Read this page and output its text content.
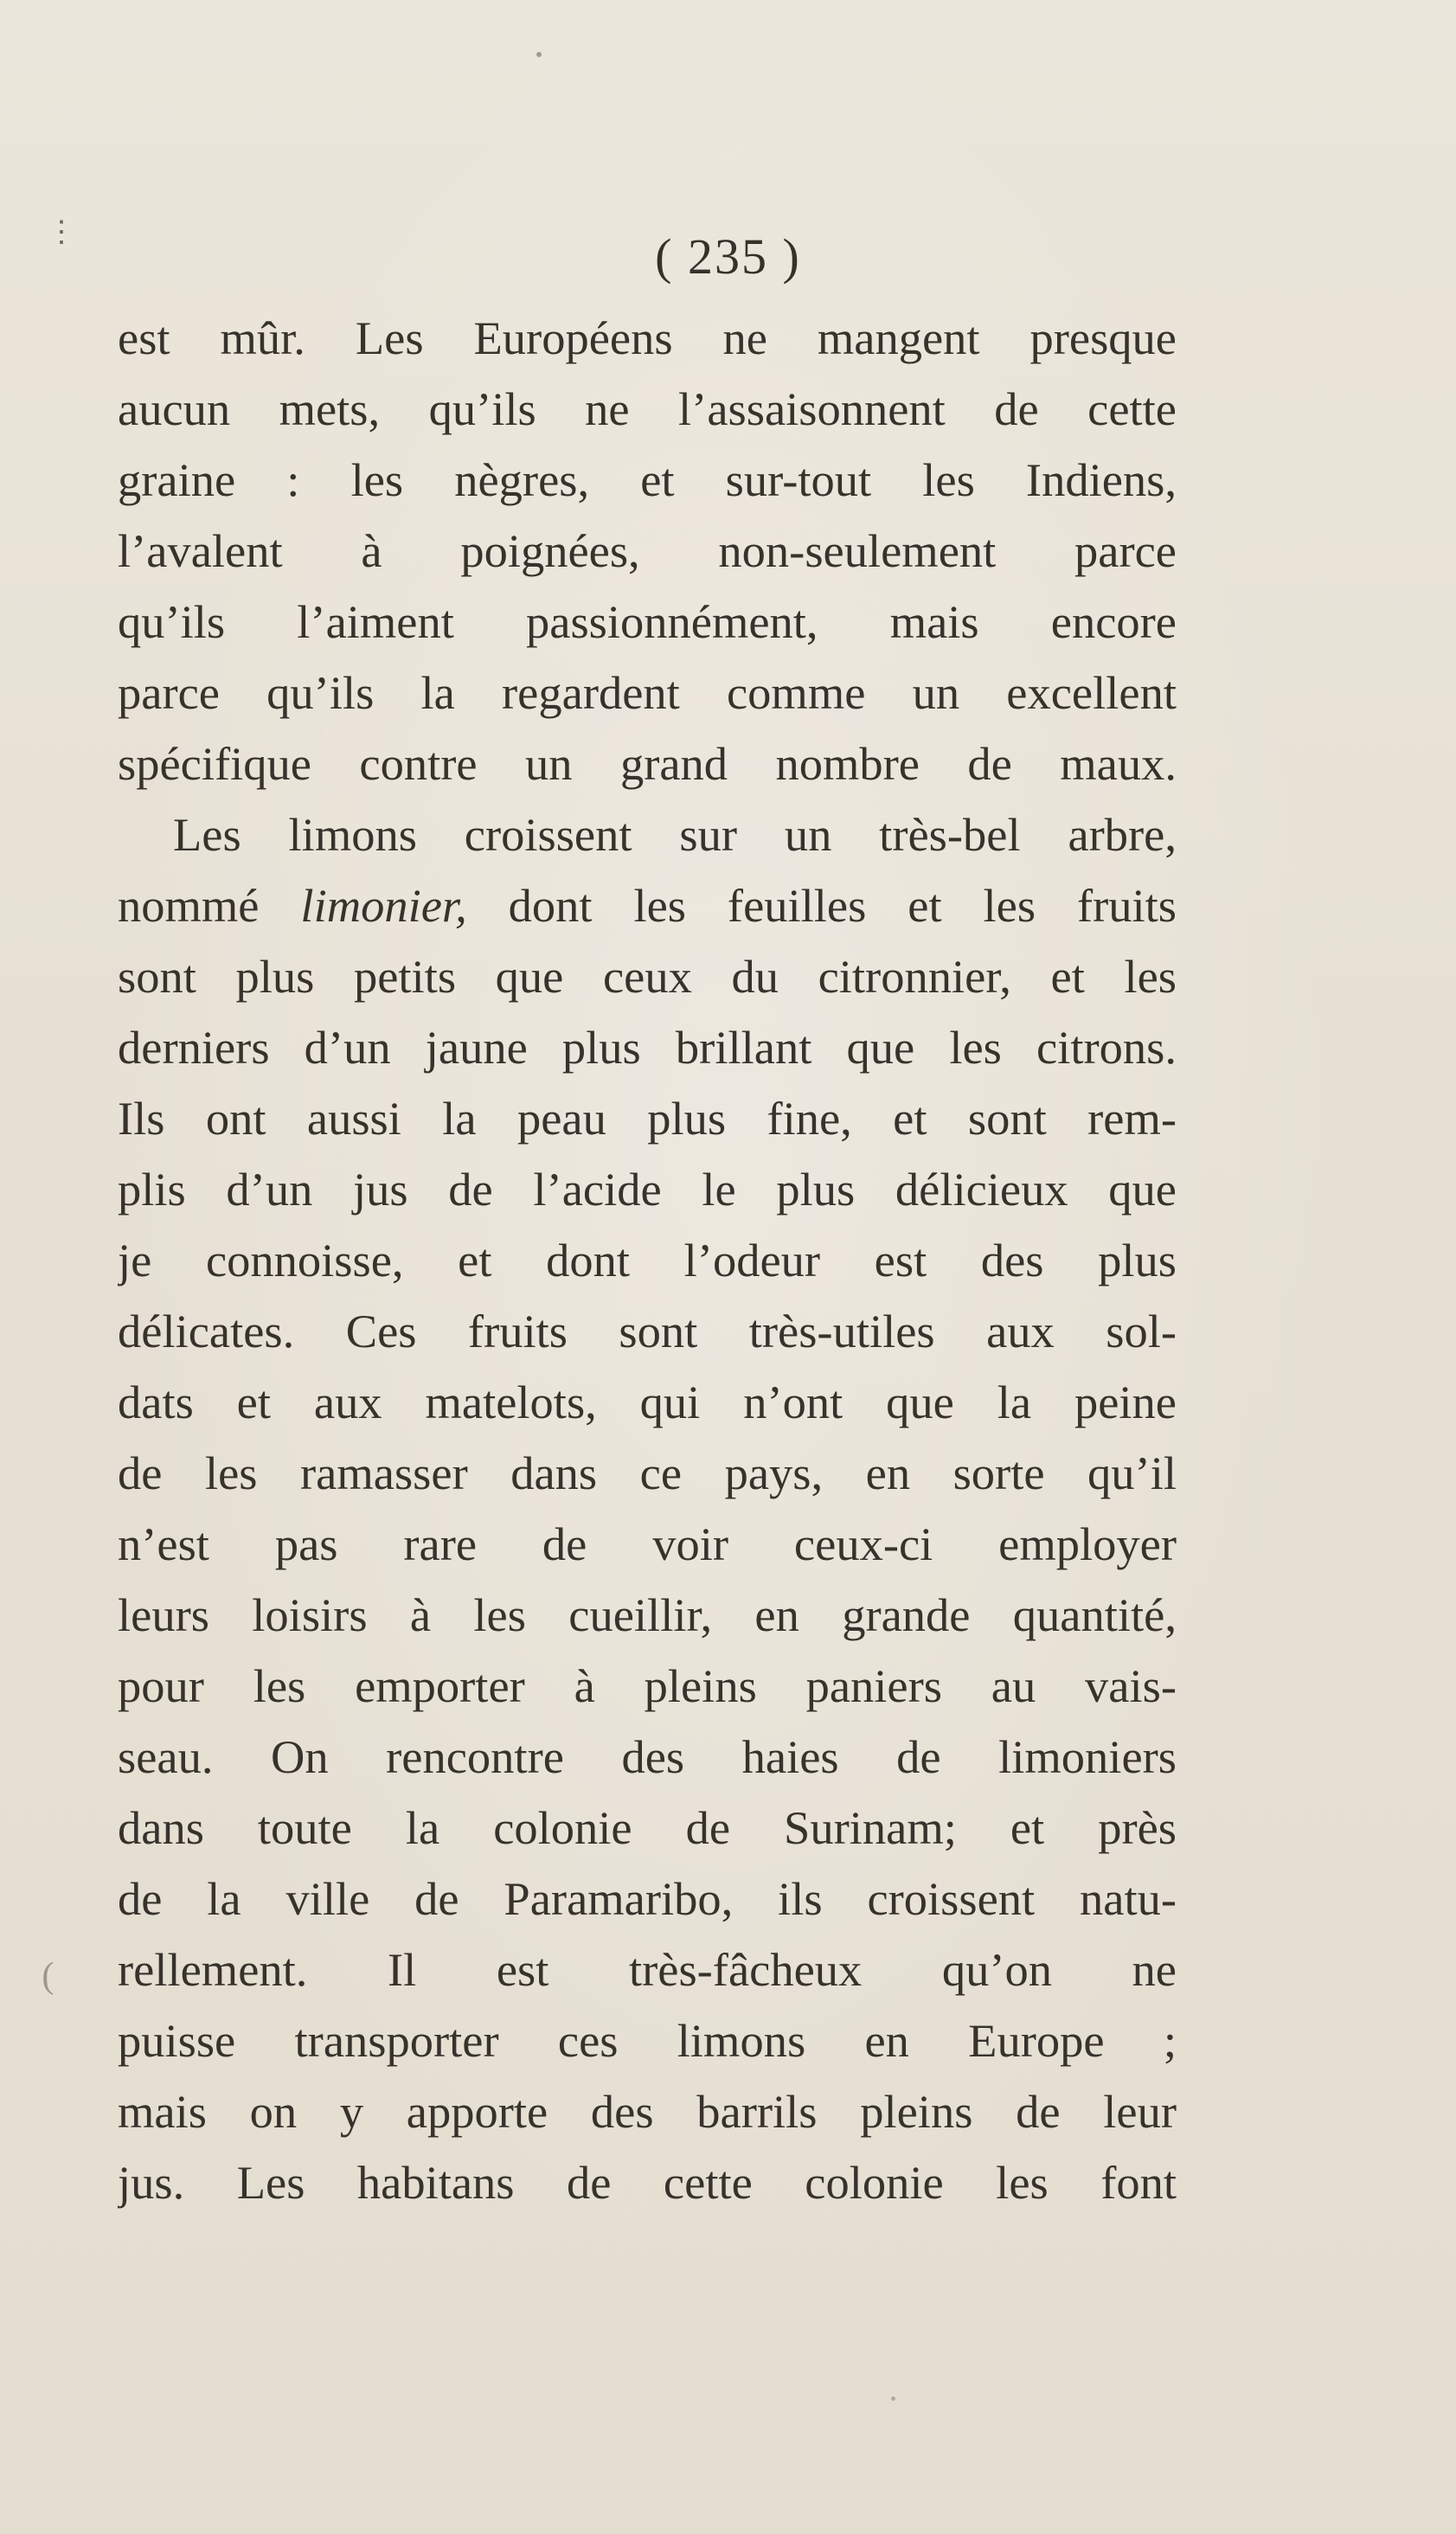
⋮	( 235 )
est mûr. Les Européens ne mangent presque
aucun mets, qu’ils ne l’assaisonnent de cette
graine : les nègres, et sur-tout les Indiens,
l’avalent à poignées, non-seulement parce
qu’ils l’aiment passionnément, mais encore
parce qu’ils la regardent comme un excellent
spécifique contre un grand nombre de maux.
Les limons croissent sur un très-bel arbre,
nommé limonier, dont les feuilles et les fruits
sont plus petits que ceux du citronnier, et les
derniers d’un jaune plus brillant que les citrons.
Ils ont aussi la peau plus fine, et sont rem-
plis d’un jus de l’acide le plus délicieux que
je connoisse, et dont l’odeur est des plus
délicates. Ces fruits sont très-utiles aux sol-
dats et aux matelots, qui n’ont que la peine
de les ramasser dans ce pays, en sorte qu’il
n’est pas rare de voir ceux-ci employer
leurs loisirs à les cueillir, en grande quantité,
pour les emporter à pleins paniers au vais-
seau. On rencontre des haies de limoniers
dans toute la colonie de Surinam; et près
de la ville de Paramaribo, ils croissent natu-
rellement. Il est très-fâcheux qu’on ne
puisse transporter ces limons en Europe ;
mais on y apporte des barrils pleins de leur
jus. Les habitans de cette colonie les font
 (
